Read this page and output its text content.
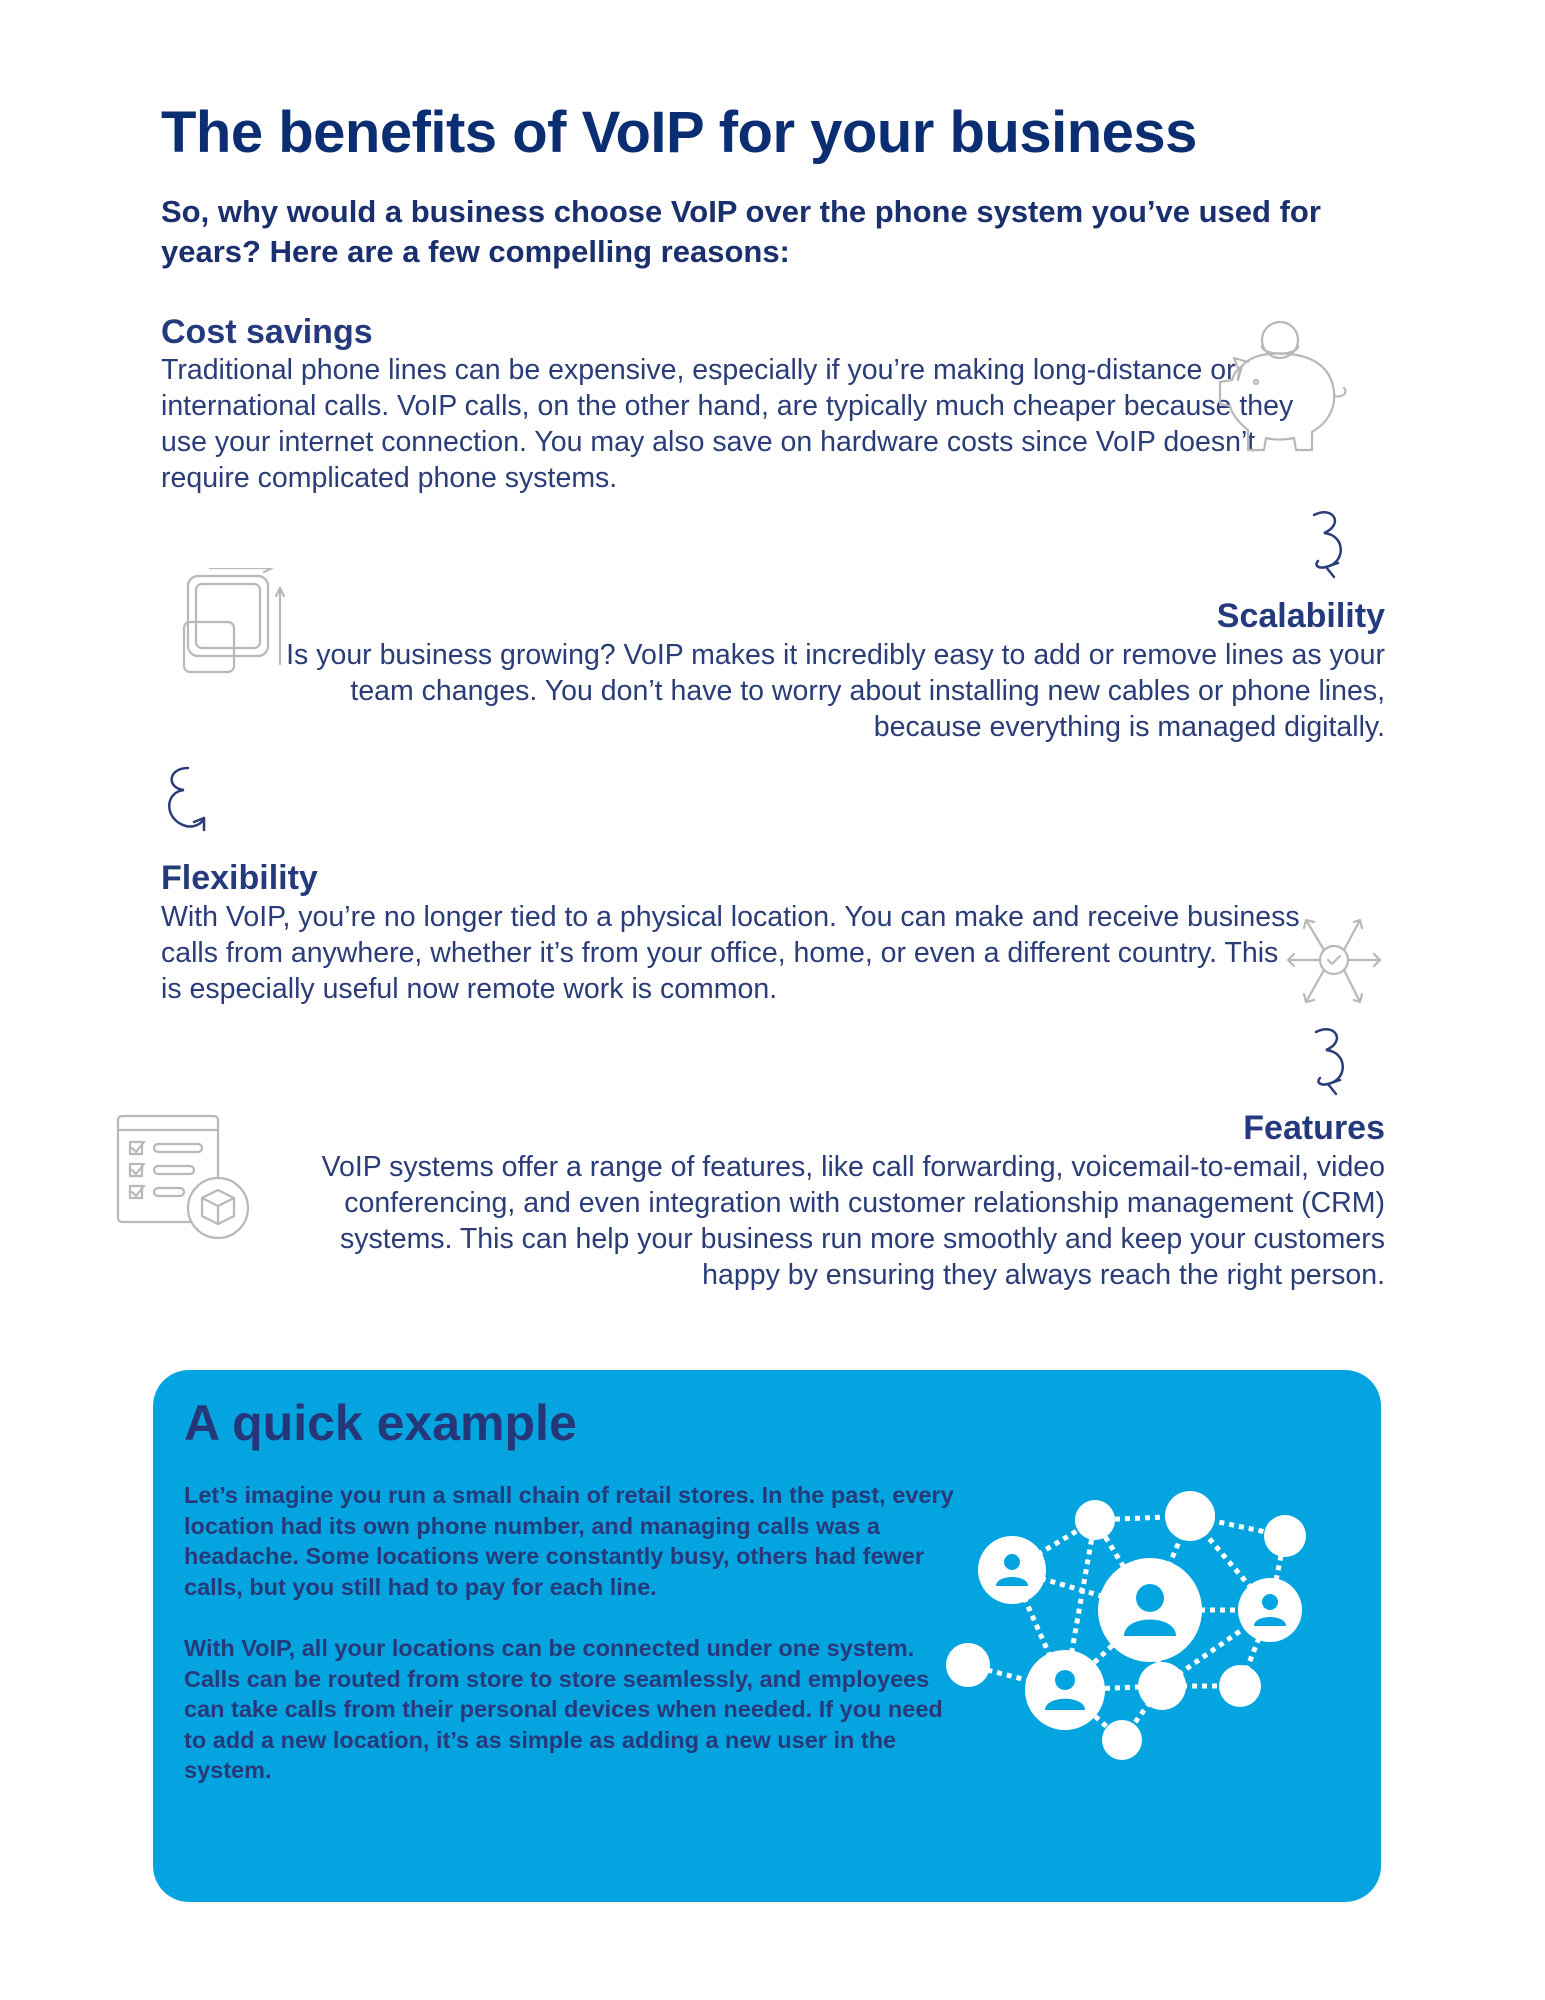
The benefits of VoIP for your business

So, why would a business choose VoIP over the phone system you’ve used for years? Here are a few compelling reasons:

Cost savings

Traditional phone lines can be expensive, especially if you’re making long-distance or international calls. VoIP calls, on the other hand, are typically much cheaper because they use your internet connection. You may also save on hardware costs since VoIP doesn’t require complicated phone systems.

Scalability

Is your business growing? VoIP makes it incredibly easy to add or remove lines as your team changes. You don’t have to worry about installing new cables or phone lines, because everything is managed digitally.

Flexibility

With VoIP, you’re no longer tied to a physical location. You can make and receive business calls from anywhere, whether it’s from your office, home, or even a different country. This is especially useful now remote work is common.

Features

VoIP systems offer a range of features, like call forwarding, voicemail-to-email, video conferencing, and even integration with customer relationship management (CRM) systems. This can help your business run more smoothly and keep your customers happy by ensuring they always reach the right person.

A quick example

Let’s imagine you run a small chain of retail stores. In the past, every location had its own phone number, and managing calls was a headache. Some locations were constantly busy, others had fewer calls, but you still had to pay for each line.

With VoIP, all your locations can be connected under one system. Calls can be routed from store to store seamlessly, and employees can take calls from their personal devices when needed. If you need to add a new location, it’s as simple as adding a new user in the system.
